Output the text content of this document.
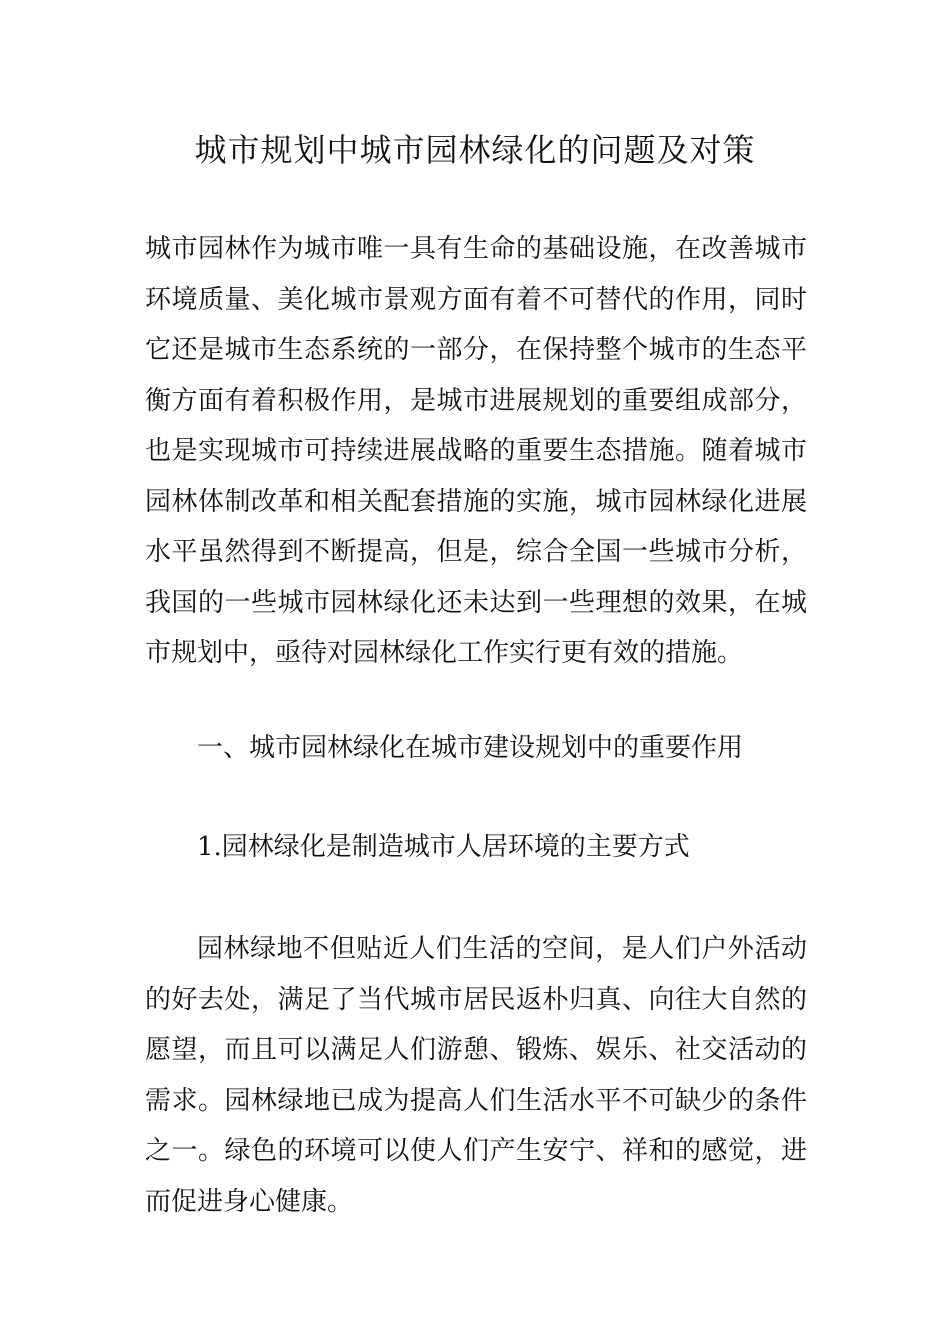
城市规划中城市园林绿化的问题及对策

城市园林作为城市唯一具有生命的基础设施，在改善城市环境质量、美化城市景观方面有着不可替代的作用，同时它还是城市生态系统的一部分，在保持整个城市的生态平衡方面有着积极作用，是城市进展规划的重要组成部分，也是实现城市可持续进展战略的重要生态措施。随着城市园林体制改革和相关配套措施的实施，城市园林绿化进展水平虽然得到不断提高，但是，综合全国一些城市分析，我国的一些城市园林绿化还未达到一些理想的效果，在城市规划中，亟待对园林绿化工作实行更有效的措施。

一、城市园林绿化在城市建设规划中的重要作用

1.园林绿化是制造城市人居环境的主要方式

园林绿地不但贴近人们生活的空间，是人们户外活动的好去处，满足了当代城市居民返朴归真、向往大自然的愿望，而且可以满足人们游憩、锻炼、娱乐、社交活动的需求。园林绿地已成为提高人们生活水平不可缺少的条件之一。绿色的环境可以使人们产生安宁、祥和的感觉，进而促进身心健康。
